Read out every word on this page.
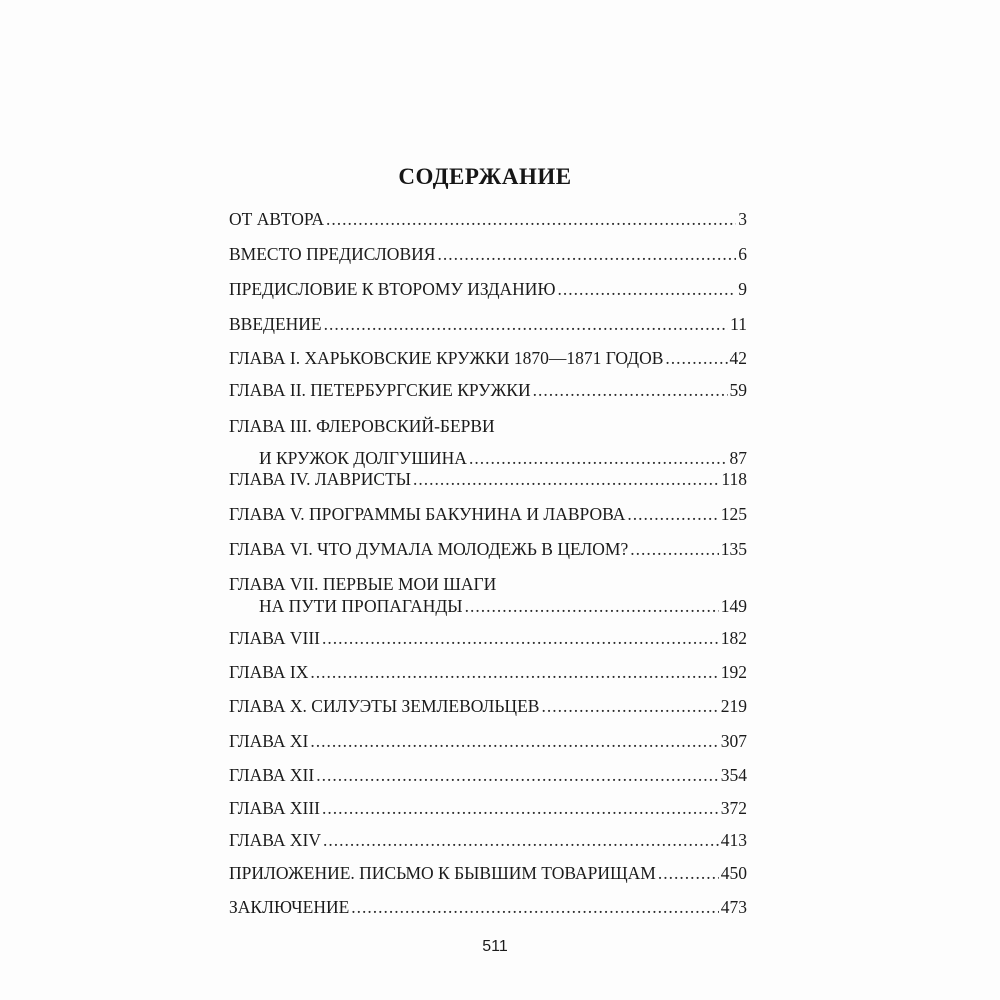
СОДЕРЖАНИЕ
ОТ АВТОРА .....	3
ВМЕСТО ПРЕДИСЛОВИЯ .....	6
ПРЕДИСЛОВИЕ К ВТОРОМУ ИЗДАНИЮ .....	9
ВВЕДЕНИЕ .....	11
ГЛАВА I. ХАРЬКОВСКИЕ КРУЖКИ 1870—1871 ГОДОВ .....	42
ГЛАВА II. ПЕТЕРБУРГСКИЕ КРУЖКИ .....	59
ГЛАВА III. ФЛЕРОВСКИЙ-БЕРВИ
И КРУЖОК ДОЛГУШИНА .....	87
ГЛАВА IV. ЛАВРИСТЫ .....	118
ГЛАВА V. ПРОГРАММЫ БАКУНИНА И ЛАВРОВА .....	125
ГЛАВА VI. ЧТО ДУМАЛА МОЛОДЕЖЬ В ЦЕЛОМ? .....	135
ГЛАВА VII. ПЕРВЫЕ МОИ ШАГИ
НА ПУТИ ПРОПАГАНДЫ .....	149
ГЛАВА VIII .....	182
ГЛАВА IX .....	192
ГЛАВА X. СИЛУЭТЫ ЗЕМЛЕВОЛЬЦЕВ .....	219
ГЛАВА XI .....	307
ГЛАВА XII .....	354
ГЛАВА XIII .....	372
ГЛАВА XIV .....	413
ПРИЛОЖЕНИЕ. ПИСЬМО К БЫВШИМ ТОВАРИЩАМ .....	450
ЗАКЛЮЧЕНИЕ .....	473
511
